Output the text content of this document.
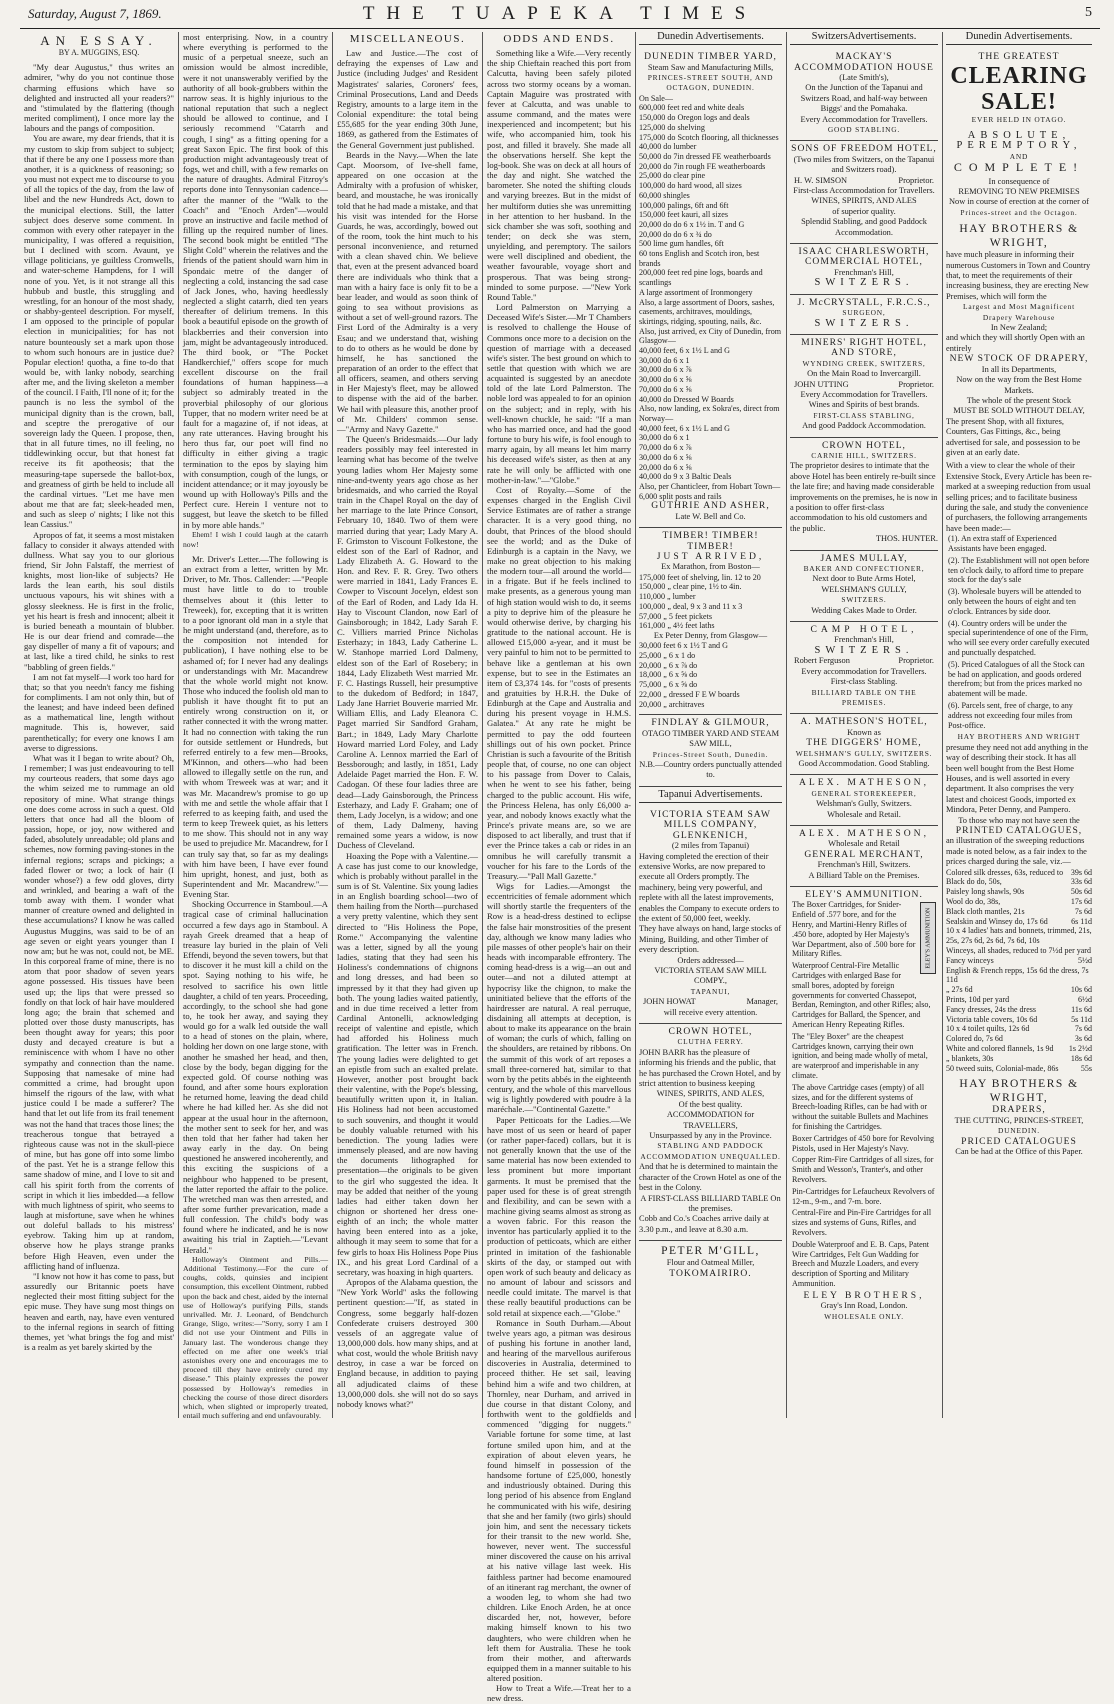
Saturday, August 7, 1869.	THE TUAPEKA TIMES	5
AN ESSAY.
BY A. MUGGINS, ESQ.

"My dear Augustus," thus writes an admirer, "why do you not continue those charming effusions which have so delighted and instructed all your readers?" and "stimulated by the flattering (though merited compliment), I once more lay the labours and the pangs of composition.

You are aware, my dear friends, that it is my custom to skip from subject to subject; that if there be any one I possess more than another, it is a quickness of reasoning; so you must not expect me to discourse to you of all the topics of the day, from the law of libel and the new Hundreds Act, down to the municipal elections. Still, the latter subject does deserve some comment. In common with every other ratepayer in the municipality, I was offered a requisition, but I declined with scorn. Avaunt, ye village politicians, ye guiltless Cromwells, and water-scheme Hampdens, for I will none of you. Yet, is it not strange all this hubbub and bustle, this struggling and wrestling, for an honour of the most shady, or shabby-genteel description. For myself, I am opposed to the principle of popular election in municipalities; for has not nature bounteously set a mark upon those to whom such honours are in justice due? Popular election! quotha, a fine to-do that would be, with lanky nobody, searching after me, and the living skeleton a member of the council. I Faith, I'll none of it; for the paunch is no less the symbol of the municipal dignity than is the crown, ball, and sceptre the prerogative of our sovereign lady the Queen. I propose, then, that in all future times, no ill feeling, no tiddlewinking occur, but that honest fat receive its fit apotheosis; that the measuring-tape supersede the ballot-box, and greatness of girth be held to include all the cardinal virtues. "Let me have men about me that are fat; sleek-headed men, and such as sleep o' nights; I like not this lean Cassius."

Apropos of fat, it seems a most mistaken fallacy to consider it always attended with dullness. What say you to our glorious friend, Sir John Falstaff, the merriest of knights, most lion-like of subjects? He lards the lean earth, his soul distils unctuous vapours, his wit shines with a glossy sleekness. He is first in the frolic, yet his heart is fresh and innocent; albeit it is buried beneath a mountain of blubber. He is our dear friend and comrade—the gay dispeller of many a fit of vapours; and at last, like a tired child, he sinks to rest "babbling of green fields."

I am not fat myself—I work too hard for that; so that you needn't fancy me fishing for compliments. I am not only thin, but of the leanest; and have indeed been defined as a mathematical line, length without magnitude. This is, however, said parenthetically; for every one knows I am averse to digressions.

What was it I began to write about? Oh, I remember; I was just endeavouring to tell my courteous readers, that some days ago the whim seized me to rummage an old repository of mine. What strange things one does come across in such a quest. Old letters that once had all the bloom of passion, hope, or joy, now withered and faded, absolutely unreadable; old plans and schemes, now forming paving-stones in the infernal regions; scraps and pickings; a faded flower or two; a lock of hair (I wonder whose?) a few odd gloves, dirty and wrinkled, and bearing a waft of the tomb away with them. I wonder what manner of creature owned and delighted in these accumulations? I know he was called Augustus Muggins, was said to be of an age seven or eight years younger than I now am; but he was not, could not, be ME. In this corporeal frame of mine, there is no atom that poor shadow of seven years agone possessed. His tissues have been used up; the lips that were pressed so fondly on that lock of hair have mouldered long ago; the brain that schemed and plotted over those dusty manuscripts, has been thought away for years; this poor dusty and decayed creature is but a reminiscence with whom I have no other sympathy and connection than the name. Supposing that namesake of mine had committed a crime, had brought upon himself the rigours of the law, with what justice could I be made a sufferer? The hand that let out life from its frail tenement was not the hand that traces those lines; the treacherous tongue that betrayed a righteous cause was not in the skull-piece of mine, but has gone off into some limbo of the past. Yet he is a strange fellow this same shadow of mine, and I love to sit and call his spirit forth from the corrents of script in which it lies imbedded—a fellow with much lightness of spirit, who seems to laugh at misfortune, save when he whines out doleful ballads to his mistress' eyebrow. Taking him up at random, observe how he plays strange pranks before High Heaven, even under the afflicting hand of influenza.

"I know not how it has come to pass, but assuredly our Britannic poets have neglected their most fitting subject for the epic muse. They have sung most things on heaven and earth, nay, have even ventured to the infernal regions in search of fitting themes, yet 'what brings the fog and mist' is a realm as yet barely skirted by the

most enterprising. Now, in a country where everything is performed to the music of a perpetual sneeze, such an omission would be almost incredible, were it not unanswerably verified by the authority of all book-grubbers within the narrow seas. It is highly injurious to the national reputation that such a neglect should be allowed to continue, and I seriously recommend "Catarrh and cough, I sing" as a fitting opening for a great Saxon Epic. The first book of this production might advantageously treat of fogs, wet and chill, with a few remarks on the nature of draughts. Admiral Fitzroy's reports done into Tennysonian cadence—after the manner of the "Walk to the Coach" and "Enoch Arden"—would prove an instructive and facile method of filling up the required number of lines. The second book might be entitled "The Slight Cold" wherein the relatives and the friends of the patient should warn him in Spondaic metre of the danger of neglecting a cold, instancing the sad case of Jack Jones, who, having heedlessly neglected a slight catarrh, died ten years thereafter of delirium tremens. In this book a beautiful episode on the growth of blackberries and their conversion into jam, might be advantageously introduced. The third book, or "The Pocket Handkerchief," offers scope for much excellent discourse on the frail foundations of human happiness—a subject so admirably treated in the proverbial philosophy of our glorious Tupper, that no modern writer need be at fault for a magazine of, if not ideas, at any rate utterances. Having brought his hero thus far, our poet will find no difficulty in either giving a tragic termination to the epos by slaying him with consumption, cough of the lungs, or incident attendance; or it may joyously be wound up with Holloway's Pills and the Perfect cure. Herein I venture not to suggest, but leave the sketch to be filled in by more able hands."

Ehem! I wish I could laugh at the catarrh now!

Mr. Driver's Letter.—The following is an extract from a letter, written by Mr. Driver, to Mr. Thos. Callender: —"People must have little to do to trouble themselves about it (this letter to Treweek), for, excepting that it is written to a poor ignorant old man in a style that he might understand (and, therefore, as to the composition not intended for publication), I have nothing else to be ashamed of; for I never had any dealings or understandings with Mr. Macandrew that the whole world might not know. Those who induced the foolish old man to publish it have thought fit to put an entirely wrong construction on it, or rather connected it with the wrong matter. It had no connection with taking the run for outside settlement or Hundreds, but referred entirely to a few men—Brooks, M'Kinnon, and others—who had been allowed to illegally settle on the run, and with whom Treweek was at war; and it was Mr. Macandrew's promise to go up with me and settle the whole affair that I referred to as keeping faith, and used the term to keep Treweek quiet, as his letters to me show. This should not in any way be used to prejudice Mr. Macandrew, for I can truly say that, so far as my dealings with him have been, I have ever found him upright, honest, and just, both as Superintendent and Mr. Macandrew."—Evening Star.

Shocking Occurrence in Stamboul.—A tragical case of criminal hallucination occurred a few days ago in Stamboul. A rayah Greek dreamed that a heap of treasure lay buried in the plain of Veli Effendi, beyond the seven towers, but that to discover it he must kill a child on the spot. Saying nothing to his wife, he resolved to sacrifice his own little daughter, a child of ten years. Proceeding, accordingly, to the school she had gone to, he took her away, and saying they would go for a walk led outside the wall to a head of stones on the plain, where, holding her down on one large stone, with another he smashed her head, and then, close by the body, began digging for the expected gold. Of course nothing was found, and after some hours exploration he returned home, leaving the dead child where he had killed her. As she did not appear at the usual hour in the afternoon, the mother sent to seek for her, and was then told that her father had taken her away early in the day. On being questioned he answered incoherently, and this exciting the suspicions of a neighbour who happened to be present, the latter reported the affair to the police. The wretched man was then arrested, and after some further prevarication, made a full confession. The child's body was found where he indicated, and he is now awaiting his trial in Zaptieh.—"Levant Herald."

Holloway's Ointment and Pills.—Additional Testimony.—For the cure of coughs, colds, quinsies and incipient consumption, this excellent Ointment, rubbed upon the back and chest, aided by the internal use of Holloway's purifying Pills, stands unrivalled. Mr. J. Leonard, of Bendchurch Grange, Sligo, writes:—"Sorry, sorry I am I did not use your Ointment and Pills in January last. The wonderous change they effected on me after one week's trial astonishes every one and encourages me to proceed till they have entirely cured my disease." This plainly expresses the power possessed by Holloway's remedies in checking the course of those direct disorders which, when slighted or improperly treated, entail much suffering and end unfavourably.

MISCELLANEOUS.

Law and Justice.—The cost of defraying the expenses of Law and Justice (including Judges' and Resident Magistrates' salaries, Coroners' fees, Criminal Prosecutions, Land and Deeds Registry, amounts to a large item in the Colonial expenditure: the total being £55,685 for the year ending 30th June, 1869, as gathered from the Estimates of the General Government just published.

Beards in the Navy.—When the late Capt. Moorsom, of Ive-shell fame, appeared on one occasion at the Admiralty with a profusion of whisker, beard, and moustache, he was ironically told that he had made a mistake, and that his visit was intended for the Horse Guards, he was, accordingly, bowed out of the room, took the hint much to his personal inconvenience, and returned with a clean shaved chin. We believe that, even at the present advanced board there are individuals who think that a man with a hairy face is only fit to be a bear leader, and would as soon think of going to sea without provisions as without a set of well-ground razors. The First Lord of the Admiralty is a very Esau; and we understand that, wishing to do to others as he would be done by himself, he has sanctioned the preparation of an order to the effect that all officers, seamen, and others serving in Her Majesty's fleet, may be allowed to dispense with the aid of the barber. We hail with pleasure this, another proof of Mr. Childers' common sense. —"Army and Navy Gazette."

The Queen's Bridesmaids.—Our lady readers possibly may feel interested in learning what has become of the twelve young ladies whom Her Majesty some nine-and-twenty years ago chose as her bridesmaids, and who carried the Royal train in the Chapel Royal on the day of her marriage to the late Prince Consort, February 10, 1840. Two of them were married during that year; Lady Mary A. F. Grimston to Viscount Folkestone, the eldest son of the Earl of Radnor, and Lady Elizabeth A. G. Howard to the Hon. and Rev. F. R. Grey. Two others were married in 1841, Lady Frances E. Cowper to Viscount Jocelyn, eldest son of the Earl of Roden, and Lady Ida H. Hay to Viscount Clandon, now Earl of Gainsborough; in 1842, Lady Sarah F. C. Villiers married Prince Nicholas Esterhazy; in 1843, Lady Catherine L. W. Stanhope married Lord Dalmeny, eldest son of the Earl of Rosebery; in 1844, Lady Elizabeth West married Mr. F. C. Hastings Russell, heir presumptive to the dukedom of Bedford; in 1847, Lady Jane Harriet Bouverie married Mr. William Ellis, and Lady Eleanora C. Paget married Sir Sandford Graham, Bart.; in 1849, Lady Mary Charlotte Howard married Lord Foley, and Lady Caroline A. Lennox married the Earl of Bessborough; and lastly, in 1851, Lady Adelaide Paget married the Hon. F. W. Cadogan. Of these four ladies three are dead—Lady Gainsborough, the Princess Esterhazy, and Lady F. Graham; one of them, Lady Jocelyn, is a widow; and one of them, Lady Dalmeny, having remained some years a widow, is now Duchess of Cleveland.

Hoaxing the Pope with a Valentine.—A case has just come to our knowledge, which is probably without parallel in the sum is of St. Valentine. Six young ladies in an English boarding school—two of them hailing from the North—purchased a very pretty valentine, which they sent directed to "His Holiness the Pope, Rome." Accompanying the valentine was a letter, signed by all the young ladies, stating that they had seen his Holiness's condemnations of chignons and long dresses, and had been so impressed by it that they had given up both. The young ladies waited patiently, and in due time received a letter from Cardinal Antonelli, acknowledging receipt of valentine and epistle, which had afforded his Holiness much gratification. The letter was in French. The young ladies were delighted to get an epistle from such an exalted prelate. However, another post brought back their valentine, with the Pope's blessing, beautifully written upon it, in Italian. His Holiness had not been accustomed to such souvenirs, and thought it would be doubly valuable returned with his benediction. The young ladies were immensely pleased, and are now having the documents lithographed for presentation—the originals to be given to the girl who suggested the idea. It may be added that neither of the young ladies had either taken down her chignon or shortened her dress one-eighth of an inch; the whole matter having been entered into as a joke, although it may seem to some that for a few girls to hoax His Holiness Pope Pius IX., and his great Lord Cardinal of a secretary, was hoaxing in high quarters.

Apropos of the Alabama question, the "New York World" asks the following pertinent question:—"If, as stated in Congress, some beggarly half-dozen Confederate cruisers destroyed 300 vessels of an aggregate value of 13,000,000 dols. how many ships, and at what cost, would the whole British navy destroy, in case a war be forced on England because, in addition to paying all adjudicated claims of these 13,000,000 dols. she will not do so says nobody knows what?"

ODDS AND ENDS.

Something like a Wife.—Very recently the ship Chieftain reached this port from Calcutta, having been safely piloted across two stormy oceans by a woman. Captain Maguire was prostrated with fever at Calcutta, and was unable to assume command, and the mates were inexperienced and incompetent; but his wife, who accompanied him, took his post, and filled it bravely. She made all the observations herself. She kept the log-book. She was on deck at all hours of the day and night. She watched the barometer. She noted the shifting clouds and varying breezes. But in the midst of her multiform duties she was unremitting in her attention to her husband. In the sick chamber she was soft, soothing and tender; on deck she was stern, unyielding, and peremptory. The sailors were well disciplined and obedient, the weather favourable, voyage short and prosperous. That was being strong-minded to some purpose. —"New York Round Table."

Lord Palmerston on Marrying a Deceased Wife's Sister.—Mr T Chambers is resolved to challenge the House of Commons once more to a decision on the question of marriage with a deceased wife's sister. The best ground on which to settle that question with which we are acquainted is suggested by an anecdote told of the late Lord Palmerston. The noble lord was appealed to for an opinion on the subject; and in reply, with his well-known chuckle, he said: "If a man who has married once, and had the good fortune to bury his wife, is fool enough to marry again, by all means let him marry his deceased wife's sister, as then at any rate he will only be afflicted with one mother-in-law."—"Globe."

Cost of Royalty.—Some of the expenses charged in the English Civil Service Estimates are of rather a strange character. It is a very good thing, no doubt, that Princes of the blood should see the world; and as the Duke of Edinburgh is a captain in the Navy, we make no great objection to his making the modern tour—all around the world—in a frigate. But if he feels inclined to make presents, as a generous young man of high station would wish to do, it seems a pity to deprive him of the pleasure he would otherwise derive, by charging his gratitude to the national account. He is allowed £15,000 a-year, and it must be very painful to him not to be permitted to behave like a gentleman at his own expense, but to see in the Estimates an item of £3,374 14s. for "costs of presents and gratuities by H.R.H. the Duke of Edinburgh at the Cape and Australia and during his present voyage in H.M.S. Galatea." At any rate he might be permitted to pay the odd fourteen shillings out of his own pocket. Prince Christian is such a favourite of the British people that, of course, no one can object to his passage from Dover to Calais, when he went to see his father, being charged to the public account. His wife, the Princess Helena, has only £6,000 a-year, and nobody knows exactly what the Prince's private means are, so we are disposed to act liberally, and trust that if ever the Prince takes a cab or rides in an omnibus he will carefully transmit a voucher for his fare to the Lords of the Treasury.—"Pall Mall Gazette."

Wigs for Ladies.—Amongst the eccentricities of female adornment which will shortly startle the frequenters of the Row is a head-dress destined to eclipse the false hair monstrosities of the present day, although we know many ladies who pile masses of other people's hair on their heads with incomparable effrontery. The coming head-dress is a wig—an out and outer—and not a diluted attempt at hypocrisy like the chignon, to make the uninitiated believe that the efforts of the hairdresser are natural. A real perruque, disdaining all attempts at deception, is about to make its appearance on the brain of woman; the curls of which, falling on the shoulders, are retained by ribbons. On the summit of this work of art reposes a small three-cornered hat, similar to that worn by the petits abbés in the eighteenth century, and the whole of this marvellous wig is lightly powdered with poudre à la maréchale.—"Continental Gazette."

Paper Petticoats for the Ladies.—We have most of us seen or heard of paper (or rather paper-faced) collars, but it is not generally known that the use of the same material has now been extended to less prominent but more important garments. It must be premised that the paper used for these is of great strength and flexibility, and can be sewn with a machine giving seams almost as strong as a woven fabric. For this reason the inventor has particularly applied it to the production of petticoats, which are either printed in imitation of the fashionable skirts of the day, or stamped out with open work of such beauty and delicacy as no amount of labour and scissors and needle could imitate. The marvel is that these really beautiful productions can be sold retail at sixpence each.—"Globe."

Romance in South Durham.—About twelve years ago, a pitman was desirous of pushing his fortune in another land, and hearing of the marvellous auriferous discoveries in Australia, determined to proceed thither. He set sail, leaving behind him a wife and two children, at Thornley, near Durham, and arrived in due course in that distant Colony, and forthwith went to the goldfields and commenced "digging for nuggets." Variable fortune for some time, at last fortune smiled upon him, and at the expiration of about eleven years, he found himself in possession of the handsome fortune of £25,000, honestly and industriously obtained. During this long period of his absence from England he communicated with his wife, desiring that she and her family (two girls) should join him, and sent the necessary tickets for their transit to the new world. She, however, never went. The successful miner discovered the cause on his arrival at his native village last week. His faithless partner had become enamoured of an itinerant rag merchant, the owner of a wooden leg, to whom she had two children. Like Enoch Arden, he at once discarded her, not, however, before making himself known to his two daughters, who were children when he left them for Australia. These he took from their mother, and afterwards equipped them in a manner suitable to his altered position.

How to Treat a Wife.—Treat her to a new dress.

Dunedin Advertisements.
DUNEDIN TIMBER YARD,
Steam Saw and Manufacturing Mills,
PRINCES-STREET SOUTH, AND OCTAGON, DUNEDIN.
On Sale—
600,000 feet red and white deals
150,000 do Oregon logs and deals
125,000 do shelving
175,000 do Scotch flooring, all thicknesses
40,000 do lumber
50,000 do 7in dressed FE weatherboards
20,000 do 7in rough FE weatherboards
25,000 do clear pine
100,000 do hard wood, all sizes
60,000 shingles
100,000 palings, 6ft and 6ft
150,000 feet kauri, all sizes
20,000 do do 6 x 1½ in. T and G
20,000 do do 6 x ¾ do
500 lime gum handles, 6ft
60 tons English and Scotch iron, best brands
200,000 feet red pine logs, boards and scantlings
A large assortment of Ironmongery
Also, a large assortment of Doors, sashes, casements, architraves, mouldings, skirtings, ridging, spouting, nails, &c.
Also, just arrived, ex City of Dunedin, from Glasgow—
40,000 feet, 6 x 1½ L and G
30,000 do 6 x 1
30,000 do 6 x ⅞
30,000 do 6 x ⅝
70,000 do 6 x ⅝
40,000 do Dressed W Boards
Also, now landing, ex Sokra'es, direct from Norway—
40,000 feet, 6 x 1½ L and G
30,000 do 6 x 1
70,000 do 6 x ⅞
30,000 do 6 x ⅝
20,000 do 6 x ⅝
40,000 do 9 x 3 Baltic Deals
Also, per Chanticleer, from Hobart Town—
6,000 split posts and rails
GUTHRIE AND ASHER,
Late W. Bell and Co.
TIMBER! TIMBER! TIMBER!
JUST ARRIVED,
Ex Marathon, from Boston—
175,000 feet of shelving, lin. 12 to 20
150,000 „ clear pine, 1½ to 4in.
110,000 „ lumber
100,000 „ deal, 9 x 3 and 11 x 3
57,000 „ 5 feet pickets
161,000 „ 4½ feet laths
Ex Peter Denny, from Glasgow—
30,000 feet 6 x 1½ T and G
25,000 „ 6 x 1 do
20,000 „ 6 x ⅞ do
18,000 „ 6 x ⅝ do
75,000 „ 6 x ⅝ do
22,000 „ dressed F E W boards
20,000 „ architraves
FINDLAY & GILMOUR,
OTAGO TIMBER YARD AND STEAM SAW MILL,
Princes-Street South, Dunedin.
N.B.—Country orders punctually attended to.
Tapanui Advertisements.
VICTORIA STEAM SAW MILLS COMPANY, GLENKENICH,
(2 miles from Tapanui)
Having completed the erection of their extensive Works, are now prepared to execute all Orders promptly. The machinery, being very powerful, and replete with all the latest improvements, enables the Company to execute orders to the extent of 50,000 feet, weekly.
They have always on hand, large stocks of Mining, Building, and other Timber of every description.
Orders addressed—
VICTORIA STEAM SAW MILL COMPY.,
TAPANUI,
JOHN HOWAT	Manager,
will receive every attention.
CROWN HOTEL,
CLUTHA FERRY.
JOHN BARR has the pleasure of informing his friends and the public, that he has purchased the Crown Hotel, and by strict attention to business keeping
WINES, SPIRITS, AND ALES,
Of the best quality.
ACCOMMODATION for TRAVELLERS,
Unsurpassed by any in the Province.
STABLING AND PADDOCK ACCOMMODATION UNEQUALLED.
And that he is determined to maintain the character of the Crown Hotel as one of the best in the Colony.
A FIRST-CLASS BILLIARD TABLE On the premises.
Cobb and Co.'s Coaches arrive daily at 3.30 p.m., and leave at 8.30 a.m.
PETER M'GILL,
Flour and Oatmeal Miller,
TOKOMAIRIRO.
SwitzersAdvertisements.
MACKAY'S ACCOMMODATION HOUSE
(Late Smith's),
On the Junction of the Tapanui and Switzers Road, and half-way between Biggs' and the Pomahaka.
Every Accommodation for Travellers.
GOOD STABLING.
SONS OF FREEDOM HOTEL,
(Two miles from Switzers, on the Tapanui and Switzers road).
H. W. SIMSON	Proprietor.
First-class Accommodation for Travellers.
WINES, SPIRITS, AND ALES
of superior quality.
Splendid Stabling, and good Paddock Accommodation.
ISAAC CHARLESWORTH,
COMMERCIAL HOTEL,
Frenchman's Hill,
SWITZERS.
J. McCRYSTALL, F.R.C.S.,
SURGEON,
SWITZERS.
MINERS' RIGHT HOTEL, AND STORE,
WYNDING CREEK, SWITZERS,
On the Main Road to Invercargill.
JOHN UTTING	Proprietor.
Every Accommodation for Travellers.
Wines and Spirits of best brands.
FIRST-CLASS STABLING,
And good Paddock Accommodation.
CROWN HOTEL,
CARNIE HILL, SWITZERS.
The proprietor desires to intimate that the above Hotel has been entirely re-built since the late fire; and having made considerable improvements on the premises, he is now in a position to offer first-class accommodation to his old customers and the public.
THOS. HUNTER.
JAMES MULLAY,
BAKER AND CONFECTIONER,
Next door to Bute Arms Hotel,
WELSHMAN'S GULLY,
SWITZERS.
Wedding Cakes Made to Order.
CAMP HOTEL,
Frenchman's Hill,
SWITZERS.
Robert Ferguson	Proprietor.
Every accommodation for Travellers.
First-class Stabling.
BILLIARD TABLE ON THE PREMISES.
A. MATHESON'S HOTEL,
Known as
THE DIGGERS' HOME,
WELSHMAN'S GULLY, SWITZERS.
Good Accommodation. Good Stabling.
ALEX. MATHESON,
GENERAL STOREKEEPER,
Welshman's Gully, Switzers.
Wholesale and Retail.
ALEX. MATHESON,
Wholesale and Retail
GENERAL MERCHANT,
Frenchman's Hill, Switzers.
A Billiard Table on the Premises.
ELEY'S AMMUNITION.
ELEY'S AMMUNITION

The Boxer Cartridges, for Snider-Enfield of .577 bore, and for the Henry, and Martini-Henry Rifles of .450 bore, adopted by Her Majesty's War Department, also of .500 bore for Military Rifles.

Waterproof Central-Fire Metallic Cartridges with enlarged Base for small bores, adopted by foreign governments for converted Chassepot, Berdan, Remington, and other Rifles; also, Cartridges for Ballard, the Spencer, and American Henry Repeating Rifles.

The "Eley Boxer" are the cheapest Cartridges known, carrying their own ignition, and being made wholly of metal, are waterproof and imperishable in any climate.

The above Cartridge cases (empty) of all sizes, and for the different systems of Breech-loading Rifles, can be had with or without the suitable Bullets and Machines for finishing the Cartridges.

Boxer Cartridges of 450 bore for Revolving Pistols, used in Her Majesty's Navy.

Copper Rim-Fire Cartridges of all sizes, for Smith and Wesson's, Tranter's, and other Revolvers.

Pin-Cartridges for Lefaucheux Revolvers of 12-m., 9-m., and 7-m. bore.

Central-Fire and Pin-Fire Cartridges for all sizes and systems of Guns, Rifles, and Revolvers.

Double Waterproof and E. B. Caps, Patent Wire Cartridges, Felt Gun Wadding for Breech and Muzzle Loaders, and every description of Sporting and Military Ammunition.

ELEY BROTHERS,
Gray's Inn Road, London.
WHOLESALE ONLY.
Dunedin Advertisements.
THE GREATEST
CLEARING SALE!
EVER HELD IN OTAGO.
ABSOLUTE,
PEREMPTORY,
AND
COMPLETE!
In consequence of
REMOVING TO NEW PREMISES
Now in course of erection at the corner of
Princes-street and the Octagon.
HAY BROTHERS & WRIGHT,
have much pleasure in informing their numerous Customers in Town and Country that, to meet the requirements of their increasing business, they are erecting New Premises, which will form the
Largest and Most Magnificent
Drapery Warehouse
In New Zealand;
and which they will shortly Open with an entirely
NEW STOCK OF DRAPERY,
In all its Departments,
Now on the way from the Best Home Markets.
The whole of the present Stock
MUST BE SOLD WITHOUT DELAY,
The present Shop, with all fixtures, Counters, Gas Fittings, &c., being advertised for sale, and possession to be given at an early date.
With a view to clear the whole of their Extensive Stock, Every Article has been re-marked at a sweeping reduction from usual selling prices; and to facilitate business during the sale, and study the convenience of purchasers, the following arrangements have been made:—

(1). An extra staff of Experienced Assistants have been engaged.

(2). The Establishment will not open before ten o'clock daily, to afford time to prepare stock for the day's sale

(3). Wholesale buyers will be attended to only between the hours of eight and ten o'clock. Entrances by side door.

(4). Country orders will be under the special superintendence of one of the Firm, who will see every order carefully executed and punctually despatched.

(5). Priced Catalogues of all the Stock can be had on application, and goods ordered therefrom; but from the prices marked no abatement will be made.

(6). Parcels sent, free of charge, to any address not exceeding four miles from Post-office.

HAY BROTHERS AND WRIGHT
presume they need not add anything in the way of describing their stock. It has all been well bought from the Best Home Houses, and is well assorted in every department. It also comprises the very latest and choicest Goods, imported ex Mindora, Peter Denny, and Pampero.
To those who may not have seen the
PRINTED CATALOGUES,
an illustration of the sweeping reductions made is noted below, as a fair index to the prices charged during the sale, viz.—
Colored silk dresses, 63s, reduced to 39s 6d
Black do do, 50s,	33s 6d
Paisley long shawls, 90s	50s 6d
Wool do do, 38s,	17s 6d
Black cloth mantles, 21s	7s 6d
Sealskin and Winsey do, 17s 6d	6s 11d
10 x 4 ladies' hats and bonnets, trimmed, 21s, 25s, 27s 6d, 2s 6d, 7s 6d, 10s
Winceys, all shades, reduced to 7½d per yard
Fancy winceys	5½d
English & French repps, 15s 6d the dress, 7s 11d
„ 27s 6d	10s 6d
Prints, 10d per yard	6½d
Fancy dresses, 24s the dress	11s 6d
Victoria table covers, 10s 6d	5s 11d
10 x 4 toilet quilts, 12s 6d	7s 6d
Colored do, 7s 6d	3s 6d
White and colored flannels, 1s 9d 1s 2½d
„ blankets, 30s	18s 6d
50 tweed suits, Colonial-made, 86s	55s
HAY BROTHERS & WRIGHT,
DRAPERS,
THE CUTTING, PRINCES-STREET,
DUNEDIN.
PRICED CATALOGUES
Can be had at the Office of this Paper.
